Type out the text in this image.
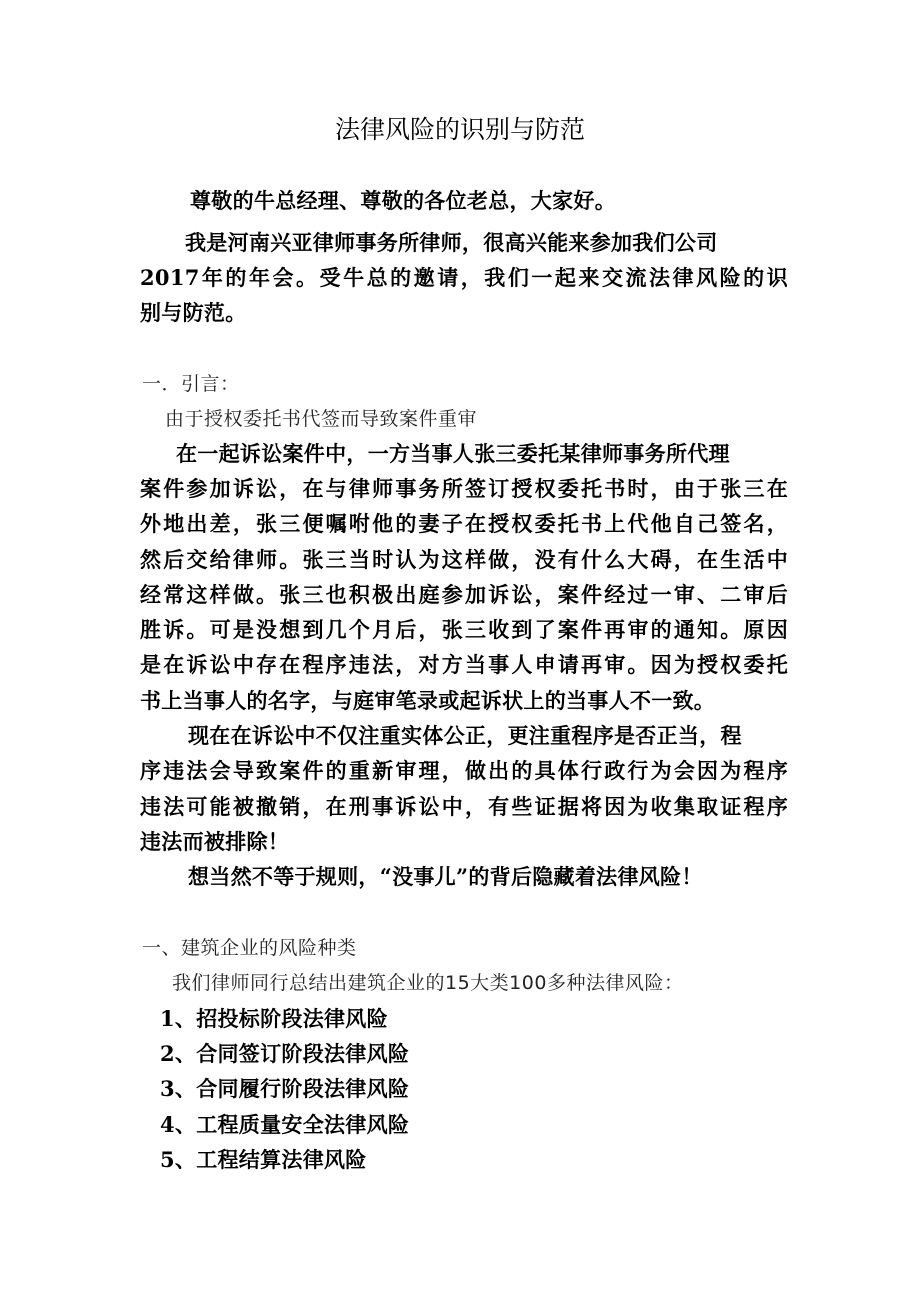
法律风险的识别与防范

尊敬的牛总经理、尊敬的各位老总，大家好。

我是河南兴亚律师事务所律师，很高兴能来参加我们公司

2017年的年会。受牛总的邀请，我们一起来交流法律风险的识

别与防范。

一．引言：

由于授权委托书代签而导致案件重审

在一起诉讼案件中，一方当事人张三委托某律师事务所代理

案件参加诉讼，在与律师事务所签订授权委托书时，由于张三在

外地出差，张三便嘱咐他的妻子在授权委托书上代他自己签名，

然后交给律师。张三当时认为这样做，没有什么大碍，在生活中

经常这样做。张三也积极出庭参加诉讼，案件经过一审、二审后

胜诉。可是没想到几个月后，张三收到了案件再审的通知。原因

是在诉讼中存在程序违法，对方当事人申请再审。因为授权委托

书上当事人的名字，与庭审笔录或起诉状上的当事人不一致。

现在在诉讼中不仅注重实体公正，更注重程序是否正当，程

序违法会导致案件的重新审理，做出的具体行政行为会因为程序

违法可能被撤销，在刑事诉讼中，有些证据将因为收集取证程序

违法而被排除！

想当然不等于规则，“没事儿”的背后隐藏着法律风险！

一、建筑企业的风险种类

我们律师同行总结出建筑企业的15大类100多种法律风险：

1、招投标阶段法律风险

2、合同签订阶段法律风险

3、合同履行阶段法律风险

4、工程质量安全法律风险

5、工程结算法律风险
